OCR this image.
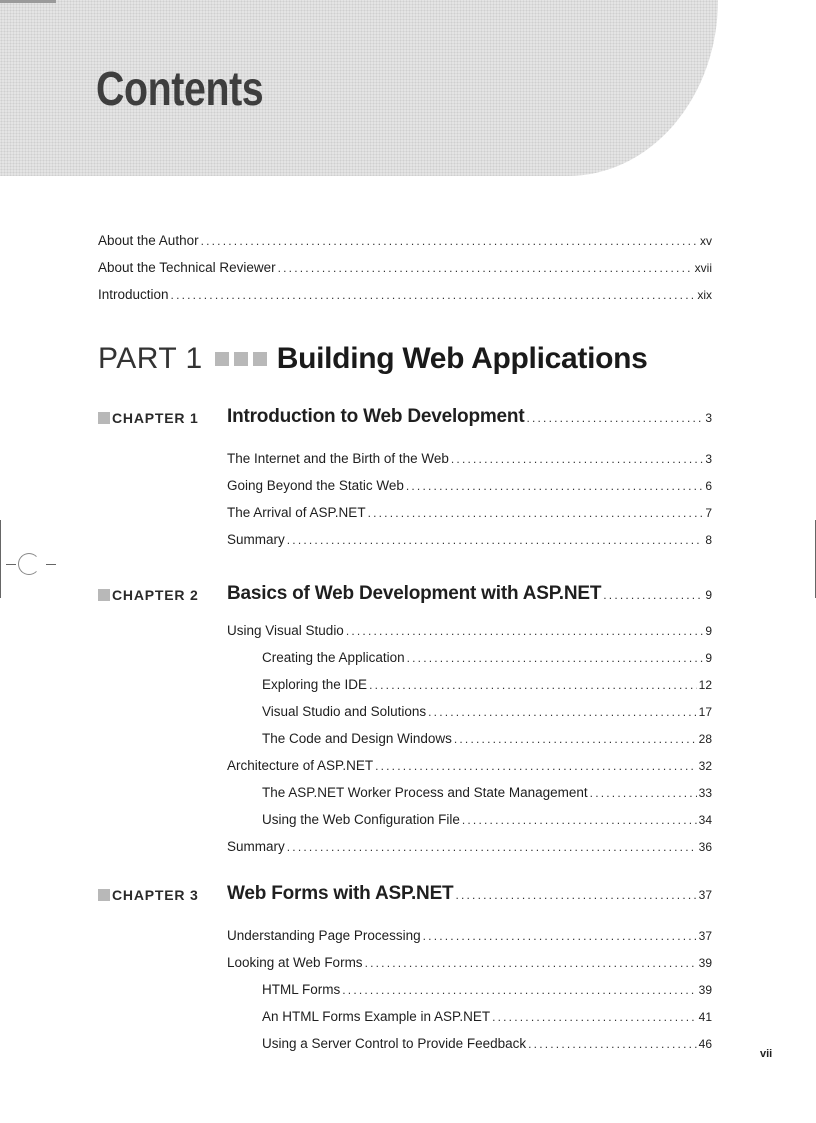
Contents
About the Author .....	xv
About the Technical Reviewer .....	xvii
Introduction .....	xix
PART 1 Building Web Applications
CHAPTER 1 Introduction to Web Development .....	3
The Internet and the Birth of the Web .....	3
Going Beyond the Static Web .....	6
The Arrival of ASP.NET .....	7
Summary .....	8
CHAPTER 2 Basics of Web Development with ASP.NET .....	9
Using Visual Studio .....	9
Creating the Application .....	9
Exploring the IDE .....	12
Visual Studio and Solutions .....	17
The Code and Design Windows .....	28
Architecture of ASP.NET .....	32
The ASP.NET Worker Process and State Management .....	33
Using the Web Configuration File .....	34
Summary .....	36
CHAPTER 3 Web Forms with ASP.NET .....	37
Understanding Page Processing .....	37
Looking at Web Forms .....	39
HTML Forms .....	39
An HTML Forms Example in ASP.NET .....	41
Using a Server Control to Provide Feedback .....	46
vii
